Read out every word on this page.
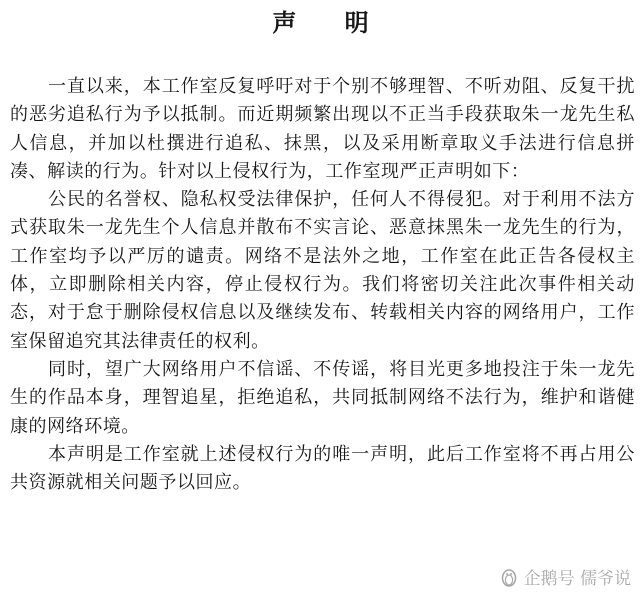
声 明

一直以来，本工作室反复呼吁对于个别不够理智、不听劝阻、反复干扰的恶劣追私行为予以抵制。而近期频繁出现以不正当手段获取朱一龙先生私人信息，并加以杜撰进行追私、抹黑，以及采用断章取义手法进行信息拼凑、解读的行为。针对以上侵权行为，工作室现严正声明如下：

公民的名誉权、隐私权受法律保护，任何人不得侵犯。对于利用不法方式获取朱一龙先生个人信息并散布不实言论、恶意抹黑朱一龙先生的行为，工作室均予以严厉的谴责。网络不是法外之地，工作室在此正告各侵权主体，立即删除相关内容，停止侵权行为。我们将密切关注此次事件相关动态，对于怠于删除侵权信息以及继续发布、转载相关内容的网络用户，工作室保留追究其法律责任的权利。

同时，望广大网络用户不信谣、不传谣，将目光更多地投注于朱一龙先生的作品本身，理智追星，拒绝追私，共同抵制网络不法行为，维护和谐健康的网络环境。

本声明是工作室就上述侵权行为的唯一声明，此后工作室将不再占用公共资源就相关问题予以回应。

企鹅号 儒爷说
